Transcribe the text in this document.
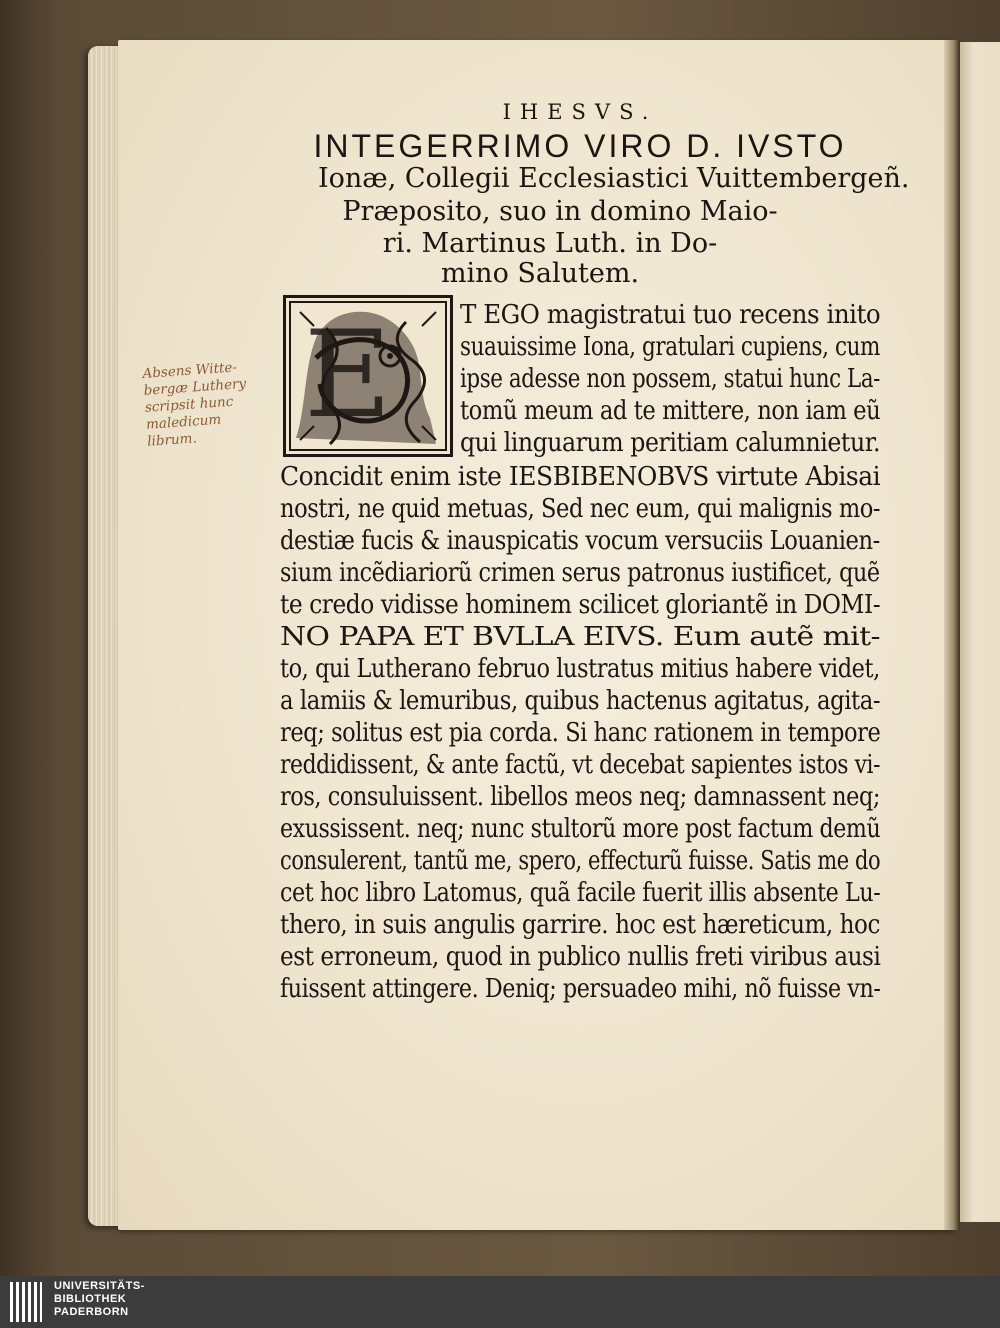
IHESVS.
INTEGERRIMO VIRO D. IVSTO
Ionæ, Collegii Ecclesiastici Vuittembergeñ.
Præposito, suo in domino Maio-
ri. Martinus Luth. in Do-
mino Salutem.
E	T EGO magistratui tuo recens inito
suauissime Iona, gratulari cupiens, cum
ipse adesse non possem, statui hunc La-
tomũ meum ad te mittere, non iam eũ
qui linguarum peritiam calumnietur.
Concidit enim iste IESBIBENOBVS virtute Abisai
nostri, ne quid metuas, Sed nec eum, qui malignis mo-
destiæ fucis & inauspicatis vocum versuciis Louanien-
sium incẽdiariorũ crimen serus patronus iustificet, quẽ
te credo vidisse hominem scilicet gloriantẽ in DOMI-
NO PAPA ET BVLLA EIVS. Eum autẽ mit-
to, qui Lutherano februo lustratus mitius habere videt,
a lamiis & lemuribus, quibus hactenus agitatus, agita-
req; solitus est pia corda. Si hanc rationem in tempore
reddidissent, & ante factũ, vt decebat sapientes istos vi-
ros, consuluissent. libellos meos neq; damnassent neq;
exussissent. neq; nunc stultorũ more post factum demũ
consulerent, tantũ me, spero, effecturũ fuisse. Satis me do
cet hoc libro Latomus, quã facile fuerit illis absente Lu-
thero, in suis angulis garrire. hoc est hæreticum, hoc
est erroneum, quod in publico nullis freti viribus ausi
fuissent attingere. Deniq; persuadeo mihi, nõ fuisse vn-
Absens Witte-
bergæ Luthery
scripsit hunc
maledicum
librum.
UNIVERSITÄTS-
BIBLIOTHEK
PADERBORN
